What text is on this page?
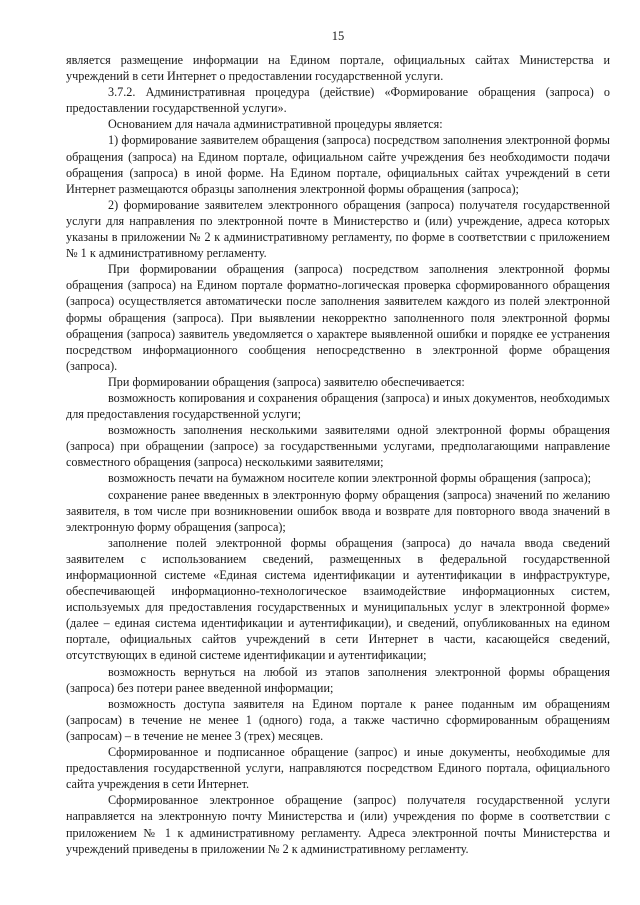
15

является размещение информации на Едином портале, официальных сайтах Министерства и учреждений в сети Интернет о предоставлении государственной услуги.

3.7.2. Административная процедура (действие) «Формирование обращения (запроса) о предоставлении государственной услуги».

Основанием для начала административной процедуры является:

1) формирование заявителем обращения (запроса) посредством заполнения электронной формы обращения (запроса) на Едином портале, официальном сайте учреждения без необходимости подачи обращения (запроса) в иной форме. На Едином портале, официальных сайтах учреждений в сети Интернет размещаются образцы заполнения электронной формы обращения (запроса);

2) формирование заявителем электронного обращения (запроса) получателя государственной услуги для направления по электронной почте в Министерство и (или) учреждение, адреса которых указаны в приложении № 2 к административному регламенту, по форме в соответствии с приложением № 1 к административному регламенту.

При формировании обращения (запроса) посредством заполнения электронной формы обращения (запроса) на Едином портале форматно-логическая проверка сформированного обращения (запроса) осуществляется автоматически после заполнения заявителем каждого из полей электронной формы обращения (запроса). При выявлении некорректно заполненного поля электронной формы обращения (запроса) заявитель уведомляется о характере выявленной ошибки и порядке ее устранения посредством информационного сообщения непосредственно в электронной форме обращения (запроса).

При формировании обращения (запроса) заявителю обеспечивается:

возможность копирования и сохранения обращения (запроса) и иных документов, необходимых для предоставления государственной услуги;

возможность заполнения несколькими заявителями одной электронной формы обращения (запроса) при обращении (запросе) за государственными услугами, предполагающими направление совместного обращения (запроса) несколькими заявителями;

возможность печати на бумажном носителе копии электронной формы обращения (запроса);

сохранение ранее введенных в электронную форму обращения (запроса) значений по желанию заявителя, в том числе при возникновении ошибок ввода и возврате для повторного ввода значений в электронную форму обращения (запроса);

заполнение полей электронной формы обращения (запроса) до начала ввода сведений заявителем с использованием сведений, размещенных в федеральной государственной информационной системе «Единая система идентификации и аутентификации в инфраструктуре, обеспечивающей информационно-технологическое взаимодействие информационных систем, используемых для предоставления государственных и муниципальных услуг в электронной форме» (далее – единая система идентификации и аутентификации), и сведений, опубликованных на едином портале, официальных сайтов учреждений в сети Интернет в части, касающейся сведений, отсутствующих в единой системе идентификации и аутентификации;

возможность вернуться на любой из этапов заполнения электронной формы обращения (запроса) без потери ранее введенной информации;

возможность доступа заявителя на Едином портале к ранее поданным им обращениям (запросам) в течение не менее 1 (одного) года, а также частично сформированным обращениям (запросам) – в течение не менее 3 (трех) месяцев.

Сформированное и подписанное обращение (запрос) и иные документы, необходимые для предоставления государственной услуги, направляются посредством Единого портала, официального сайта учреждения в сети Интернет.

Сформированное электронное обращение (запрос) получателя государственной услуги направляется на электронную почту Министерства и (или) учреждения по форме в соответствии с приложением № 1 к административному регламенту. Адреса электронной почты Министерства и учреждений приведены в приложении № 2 к административному регламенту.
